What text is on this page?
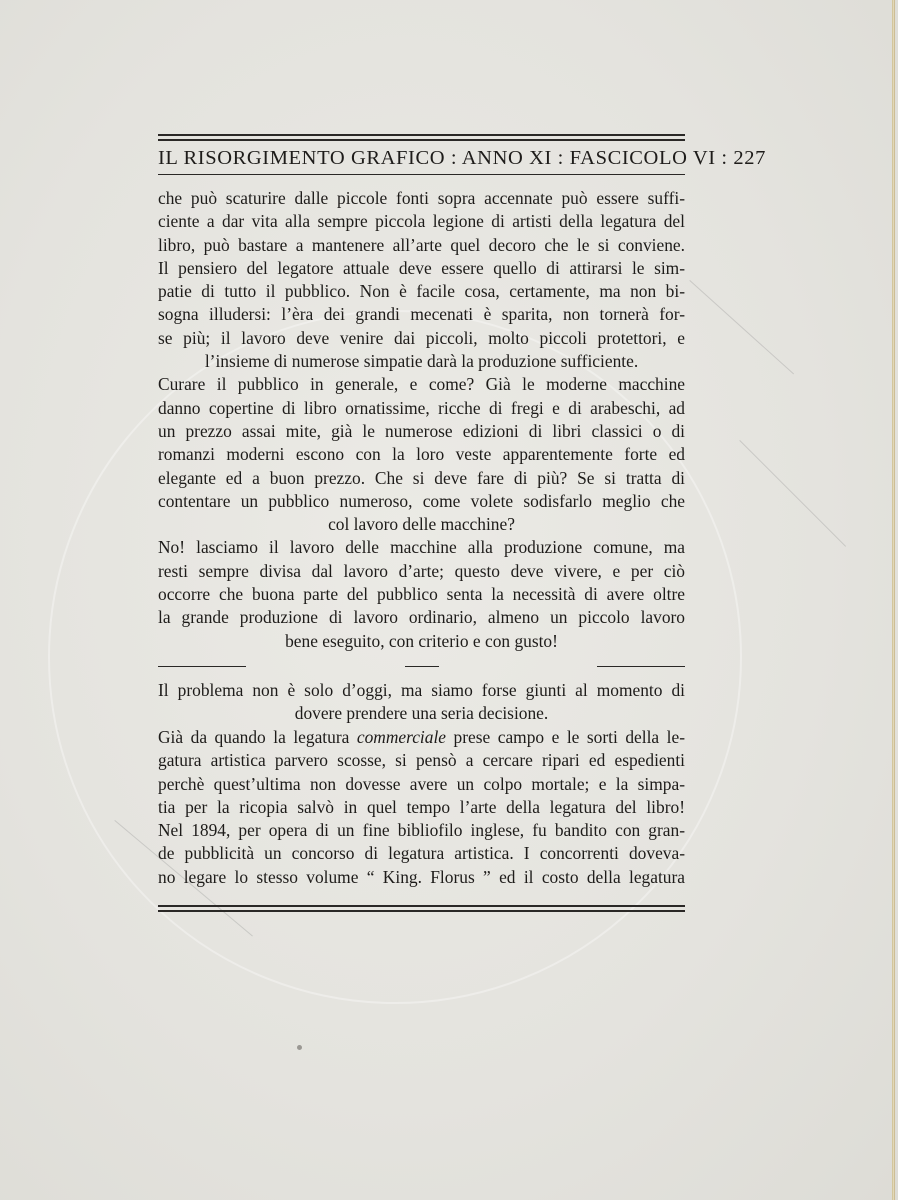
IL RISORGIMENTO GRAFICO : ANNO XI : FASCICOLO VI : 227
che può scaturire dalle piccole fonti sopra accennate può essere suffi-
ciente a dar vita alla sempre piccola legione di artisti della legatura del
libro, può bastare a mantenere all’arte quel decoro che le si conviene.
Il pensiero del legatore attuale deve essere quello di attirarsi le sim-
patie di tutto il pubblico. Non è facile cosa, certamente, ma non bi-
sogna illudersi: l’èra dei grandi mecenati è sparita, non tornerà for-
se più; il lavoro deve venire dai piccoli, molto piccoli protettori, e
l’insieme di numerose simpatie darà la produzione sufficiente.
Curare il pubblico in generale, e come? Già le moderne macchine
danno copertine di libro ornatissime, ricche di fregi e di arabeschi, ad
un prezzo assai mite, già le numerose edizioni di libri classici o di
romanzi moderni escono con la loro veste apparentemente forte ed
elegante ed a buon prezzo. Che si deve fare di più? Se si tratta di
contentare un pubblico numeroso, come volete sodisfarlo meglio che
col lavoro delle macchine?
No! lasciamo il lavoro delle macchine alla produzione comune, ma
resti sempre divisa dal lavoro d’arte; questo deve vivere, e per ciò
occorre che buona parte del pubblico senta la necessità di avere oltre
la grande produzione di lavoro ordinario, almeno un piccolo lavoro
bene eseguito, con criterio e con gusto!
Il problema non è solo d’oggi, ma siamo forse giunti al momento di
dovere prendere una seria decisione.
Già da quando la legatura commerciale prese campo e le sorti della le-
gatura artistica parvero scosse, si pensò a cercare ripari ed espedienti
perchè quest’ultima non dovesse avere un colpo mortale; e la simpa-
tia per la ricopia salvò in quel tempo l’arte della legatura del libro!
Nel 1894, per opera di un fine bibliofilo inglese, fu bandito con gran-
de pubblicità un concorso di legatura artistica. I concorrenti doveva-
no legare lo stesso volume “ King. Florus ” ed il costo della legatura
